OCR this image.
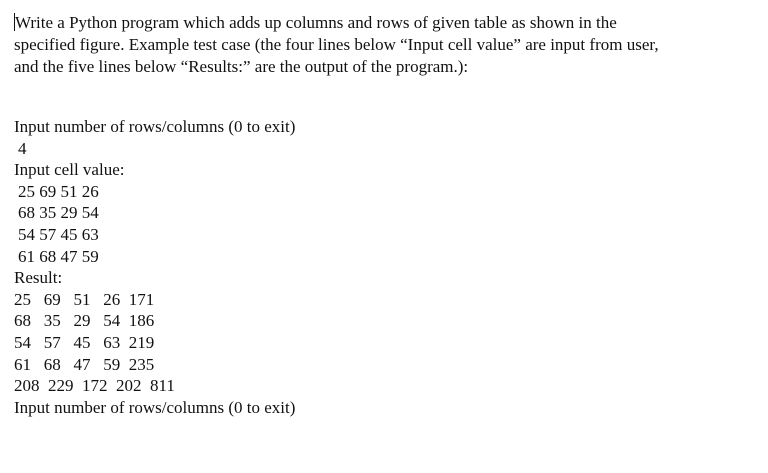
Write a Python program which adds up columns and rows of given table as shown in the
specified figure. Example test case (the four lines below “Input cell value” are input from user,
and the five lines below “Results:” are the output of the program.):

Input number of rows/columns (0 to exit)
4
Input cell value:
25 69 51 26
68 35 29 54
54 57 45 63
61 68 47 59
Result:
25   69   51   26  171
68   35   29   54  186
54   57   45   63  219
61   68   47   59  235
208  229  172  202  811
Input number of rows/columns (0 to exit)
